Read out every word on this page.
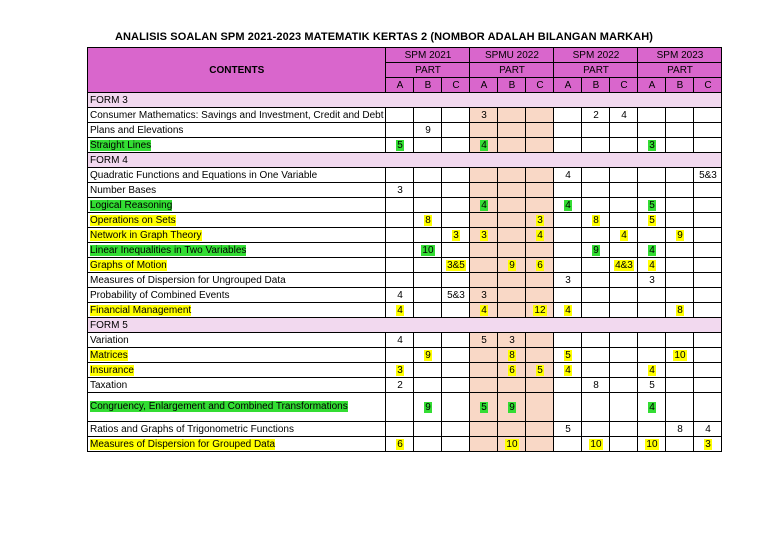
ANALISIS SOALAN SPM 2021-2023 MATEMATIK KERTAS 2 (NOMBOR ADALAH BILANGAN MARKAH)
CONTENTS	SPM 2021			SPMU 2022			SPM 2022			SPM 2023		
	PART			PART			PART			PART		
	A	B	C	A	B	C	A	B	C	A	B	C
FORM 3												
Consumer Mathematics: Savings and Investment, Credit and Debt				3				2	4			
Plans and Elevations		9										
Straight Lines	5			4						3		
FORM 4												
Quadratic Functions and Equations in One Variable							4					5&3
Number Bases	3											
Logical Reasoning				4			4			5		
Operations on Sets		8				3		8		5		
Network in Graph Theory			3	3		4			4		9	
Linear Inequalities in Two Variables		10						9		4		
Graphs of Motion			3&5		9	6			4&3	4		
Measures of Dispersion for Ungrouped Data							3			3		
Probability of Combined Events	4		5&3	3								
Financial Management	4			4		12	4				8	
FORM 5												
Variation	4			5	3							
Matrices		9			8		5				10	
Insurance	3				6	5	4			4		
Taxation	2							8		5		
Congruency, Enlargement and Combined Transformations		9		5	9					4		
Ratios and Graphs of Trigonometric Functions							5				8	4
Measures of Dispersion for Grouped Data	6				10			10		10		3
